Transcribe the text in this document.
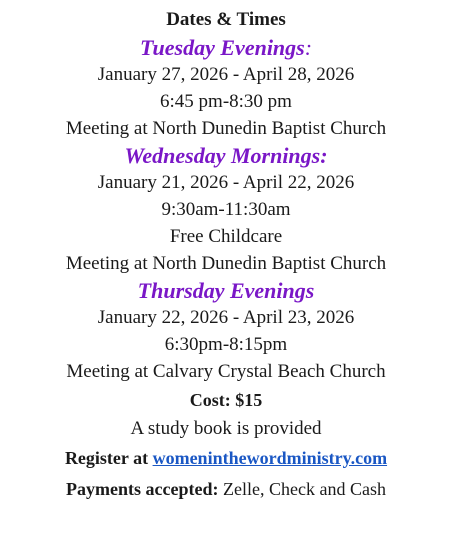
Dates & Times
Tuesday Evenings:
January 27, 2026 - April 28, 2026
6:45 pm-8:30 pm
Meeting at North Dunedin Baptist Church
Wednesday Mornings:
January 21, 2026 - April 22, 2026
9:30am-11:30am
Free Childcare
Meeting at North Dunedin Baptist Church
Thursday Evenings
January 22, 2026 - April 23, 2026
6:30pm-8:15pm
Meeting at Calvary Crystal Beach Church
Cost: $15
A study book is provided
Register at womeninthewordministry.com
Payments accepted: Zelle, Check and Cash
